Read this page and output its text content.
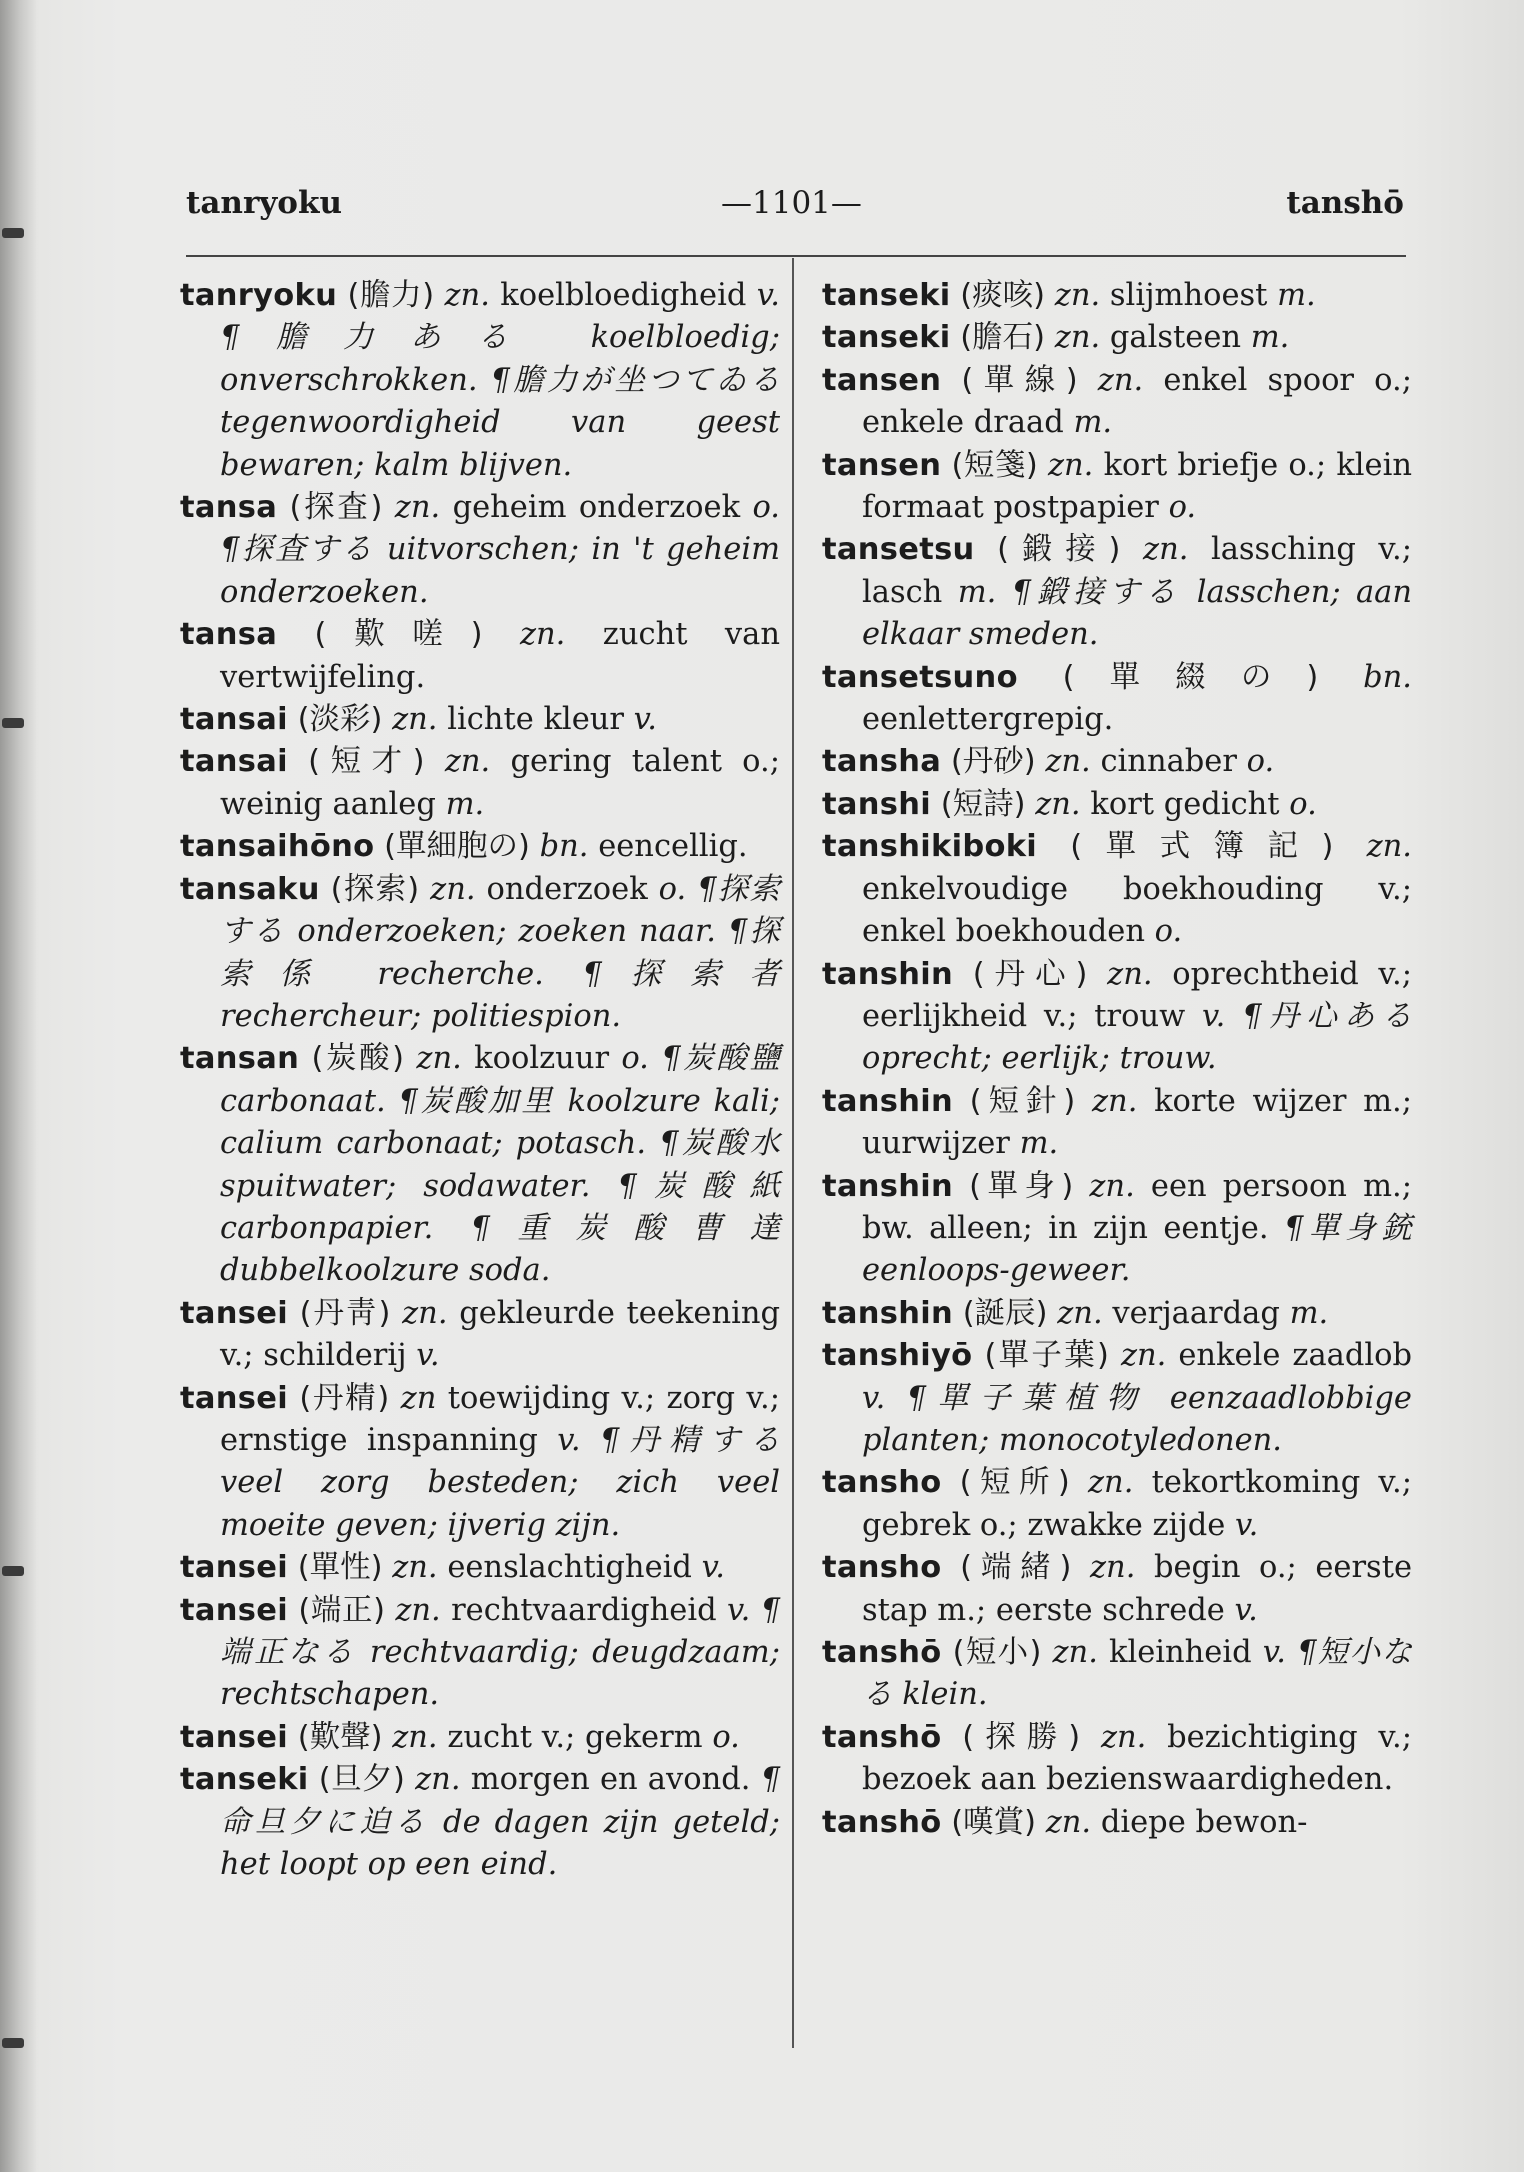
tanryoku	—1101—	tanshō
tanryoku (膽力) zn. koelbloedigheid v. ¶膽力ある koelbloedig; onverschrokken. ¶膽力が坐つてゐる tegenwoordigheid van geest bewaren; kalm blijven.
tansa (探査) zn. geheim onderzoek o. ¶探査する uitvorschen; in 't geheim onderzoeken.
tansa (歎嗟) zn. zucht van vertwijfeling.
tansai (淡彩) zn. lichte kleur v.
tansai (短才) zn. gering talent o.; weinig aanleg m.
tansaihōno (單細胞の) bn. eencellig.
tansaku (探索) zn. onderzoek o. ¶探索する onderzoeken; zoeken naar. ¶探索係 recherche. ¶探索者 rechercheur; politiespion.
tansan (炭酸) zn. koolzuur o. ¶炭酸鹽 carbonaat. ¶炭酸加里 koolzure kali; calium carbonaat; potasch. ¶炭酸水 spuitwater; sodawater. ¶炭酸紙 carbonpapier. ¶重炭酸曹達 dubbelkoolzure soda.
tansei (丹靑) zn. gekleurde teekening v.; schilderij v.
tansei (丹精) zn toewijding v.; zorg v.; ernstige inspanning v. ¶丹精する veel zorg besteden; zich veel moeite geven; ijverig zijn.
tansei (單性) zn. eenslachtigheid v.
tansei (端正) zn. rechtvaardigheid v. ¶端正なる rechtvaardig; deugdzaam; rechtschapen.
tansei (歎聲) zn. zucht v.; gekerm o.
tanseki (旦夕) zn. morgen en avond. ¶命旦夕に迫る de dagen zijn geteld; het loopt op een eind.
tanseki (痰咳) zn. slijmhoest m.
tanseki (膽石) zn. galsteen m.
tansen (單線) zn. enkel spoor o.; enkele draad m.
tansen (短箋) zn. kort briefje o.; klein formaat postpapier o.
tansetsu (鍛接) zn. lassching v.; lasch m. ¶鍛接する lasschen; aan elkaar smeden.
tansetsuno (單綴の) bn. eenlettergrepig.
tansha (丹砂) zn. cinnaber o.
tanshi (短詩) zn. kort gedicht o.
tanshikiboki (單式簿記) zn. enkelvoudige boekhouding v.; enkel boekhouden o.
tanshin (丹心) zn. oprechtheid v.; eerlijkheid v.; trouw v. ¶丹心ある oprecht; eerlijk; trouw.
tanshin (短針) zn. korte wijzer m.; uurwijzer m.
tanshin (單身) zn. een persoon m.; bw. alleen; in zijn eentje. ¶單身銃 eenloops-geweer.
tanshin (誕辰) zn. verjaardag m.
tanshiyō (單子葉) zn. enkele zaadlob v. ¶單子葉植物 eenzaadlobbige planten; monocotyledonen.
tansho (短所) zn. tekortkoming v.; gebrek o.; zwakke zijde v.
tansho (端緒) zn. begin o.; eerste stap m.; eerste schrede v.
tanshō (短小) zn. kleinheid v. ¶短小なる klein.
tanshō (探勝) zn. bezichtiging v.; bezoek aan bezienswaardigheden.
tanshō (嘆賞) zn. diepe bewon-
